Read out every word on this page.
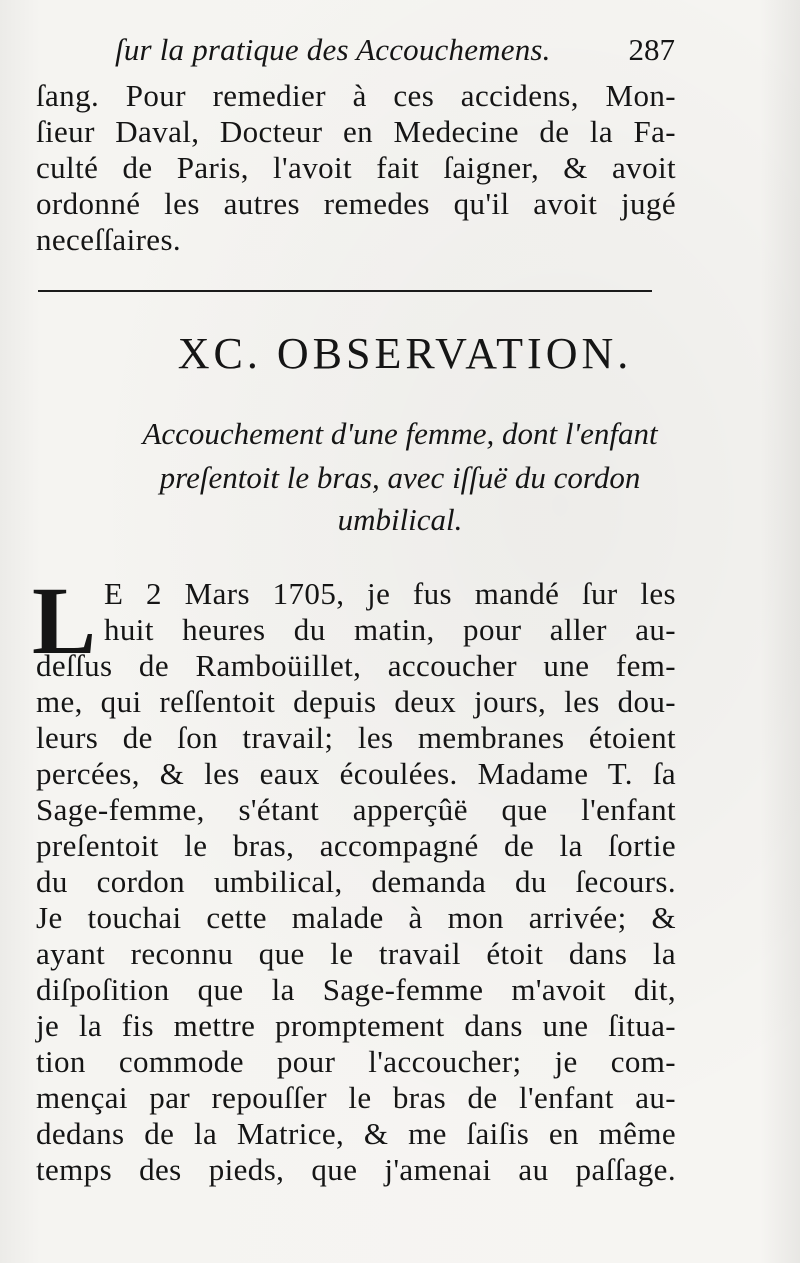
ſur la pratique des Accouchemens.	287
ſang. Pour remedier à ces accidens, Mon-
ſieur Daval, Docteur en Medecine de la Fa-
culté de Paris, l'avoit fait ſaigner, & avoit
ordonné les autres remedes qu'il avoit jugé
neceſſaires.
XC. OBSERVATION.
Accouchement d'une femme, dont l'enfant
preſentoit le bras, avec iſſuë du cordon
umbilical.
L E 2 Mars 1705, je fus mandé ſur les
huit heures du matin, pour aller au-
deſſus de Ramboüillet, accoucher une fem-
me, qui reſſentoit depuis deux jours, les dou-
leurs de ſon travail; les membranes étoient
percées, & les eaux écoulées. Madame T. ſa
Sage-femme, s'étant apperçûë que l'enfant
preſentoit le bras, accompagné de la ſortie
du cordon umbilical, demanda du ſecours.
Je touchai cette malade à mon arrivée; &
ayant reconnu que le travail étoit dans la
diſpoſition que la Sage-femme m'avoit dit,
je la fis mettre promptement dans une ſitua-
tion commode pour l'accoucher; je com-
mençai par repouſſer le bras de l'enfant au-
dedans de la Matrice, & me ſaiſis en même
temps des pieds, que j'amenai au paſſage.
